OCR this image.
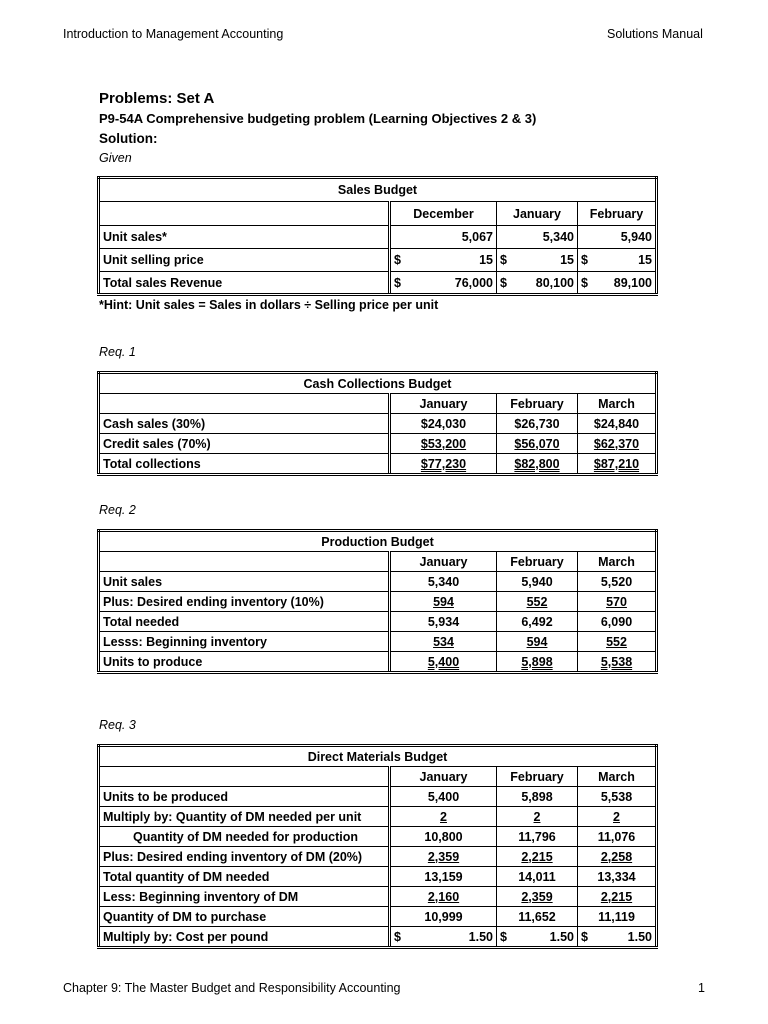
Introduction to Management Accounting	Solutions Manual
Problems: Set A
P9-54A Comprehensive budgeting problem (Learning Objectives 2 & 3)
Solution:
Given
Sales Budget			
	December	January	February
Unit sales*	5,067	5,340	5,940
Unit selling price	$ 15	$ 15	$ 15

Total sales Revenue	$ 76,000	$ 80,100	$ 89,100
*Hint: Unit sales = Sales in dollars ÷ Selling price per unit
Req. 1
Cash Collections Budget			
	January	February	March
Cash sales (30%)	$24,030	$26,730	$24,840
Credit sales (70%)	$53,200	$56,070	$62,370
Total collections	$77,230	$82,800	$87,210
Req. 2
Production Budget			
	January	February	March
Unit sales	5,340	5,940	5,520
Plus: Desired ending inventory (10%)	594	552	570
Total needed	5,934	6,492	6,090
Lesss: Beginning inventory	534	594	552
Units to produce	5,400	5,898	5,538
Req. 3
Direct Materials Budget			
	January	February	March
Units to be produced	5,400	5,898	5,538
Multiply by: Quantity of DM needed per unit	2	2	2
Quantity of DM needed for production	10,800	11,796	11,076
Plus: Desired ending inventory of DM (20%)	2,359	2,215	2,258
Total quantity of DM needed	13,159	14,011	13,334
Less: Beginning inventory of DM	2,160	2,359	2,215
Quantity of DM to purchase	10,999	11,652	11,119
Multiply by: Cost per pound	$ 1.50	$ 1.50	$ 1.50
Chapter 9: The Master Budget and Responsibility Accounting	1
